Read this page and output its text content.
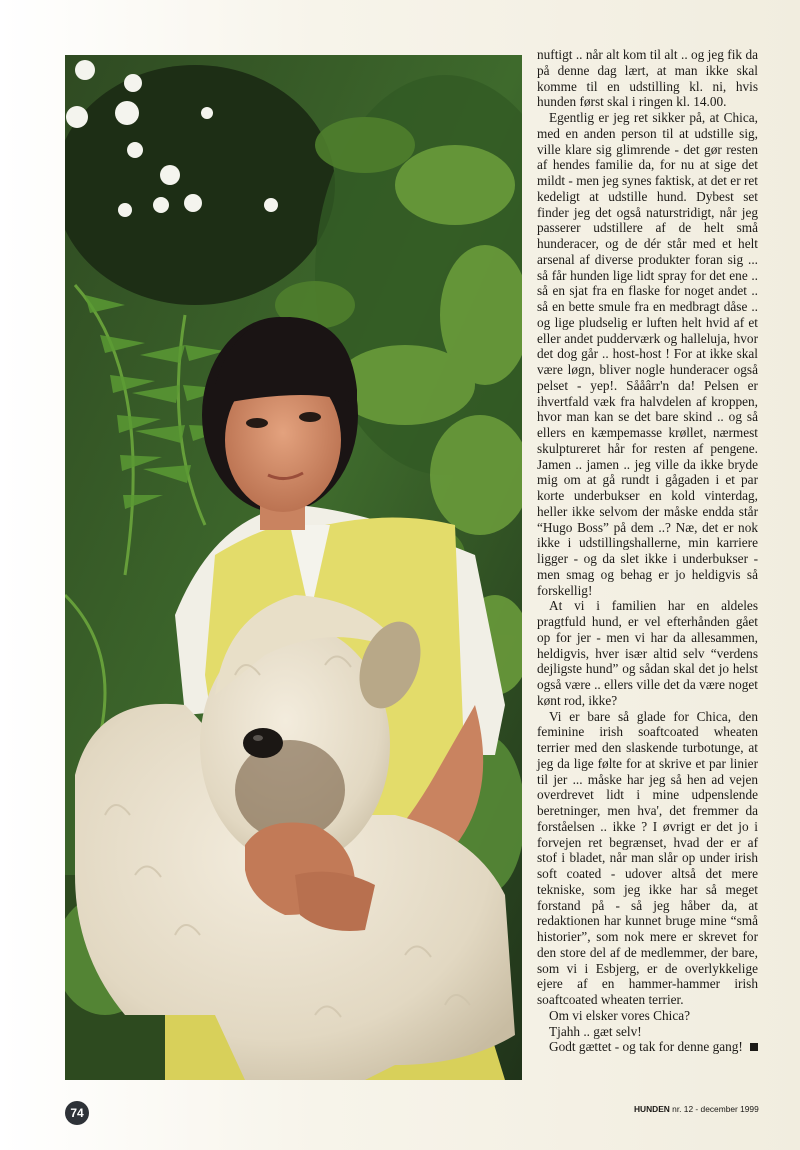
nuftigt .. når alt kom til alt .. og jeg fik da på denne dag lært, at man ikke skal komme til en udstilling kl. ni, hvis hunden først skal i ringen kl. 14.00.

Egentlig er jeg ret sikker på, at Chica, med en anden person til at udstille sig, ville klare sig glimrende - det gør resten af hendes familie da, for nu at sige det mildt - men jeg synes faktisk, at det er ret kedeligt at udstille hund. Dybest set finder jeg det også naturstridigt, når jeg passerer udstillere af de helt små hunderacer, og de dér står med et helt arsenal af diverse produkter foran sig ... så får hunden lige lidt spray for det ene .. så en sjat fra en flaske for noget andet .. så en bette smule fra en medbragt dåse .. og lige pludselig er luften helt hvid af et eller andet pudderværk og halleluja, hvor det dog går .. host-host ! For at ikke skal være løgn, bliver nogle hunderacer også pelset - yep!. Sååârr'n da! Pelsen er ihvertfald væk fra halvdelen af kroppen, hvor man kan se det bare skind .. og så ellers en kæmpemasse krøllet, nærmest skulptureret hår for resten af pengene. Jamen .. jamen .. jeg ville da ikke bryde mig om at gå rundt i gågaden i et par korte underbukser en kold vinterdag, heller ikke selvom der måske endda står “Hugo Boss” på dem ..? Næ, det er nok ikke i udstillingshallerne, min karriere ligger - og da slet ikke i underbukser - men smag og behag er jo heldigvis så forskellig!

At vi i familien har en aldeles pragtfuld hund, er vel efterhånden gået op for jer - men vi har da allesammen, heldigvis, hver især altid selv “verdens dejligste hund” og sådan skal det jo helst også være .. ellers ville det da være noget kønt rod, ikke?

Vi er bare så glade for Chica, den feminine irish soaftcoated wheaten terrier med den slaskende turbotunge, at jeg da lige følte for at skrive et par linier til jer ... måske har jeg så hen ad vejen overdrevet lidt i mine udpenslende beretninger, men hva', det fremmer da forståelsen .. ikke ? I øvrigt er det jo i forvejen ret begrænset, hvad der er af stof i bladet, når man slår op under irish soft coated - udover altså det mere tekniske, som jeg ikke har så meget forstand på - så jeg håber da, at redaktionen har kunnet bruge mine “små historier”, som nok mere er skrevet for den store del af de medlemmer, der bare, som vi i Esbjerg, er de overlykkelige ejere af en hammer-hammer irish soaftcoated wheaten terrier.

Om vi elsker vores Chica?

Tjahh .. gæt selv!

Godt gættet - og tak for denne gang!

74	HUNDEN nr. 12 - december 1999
